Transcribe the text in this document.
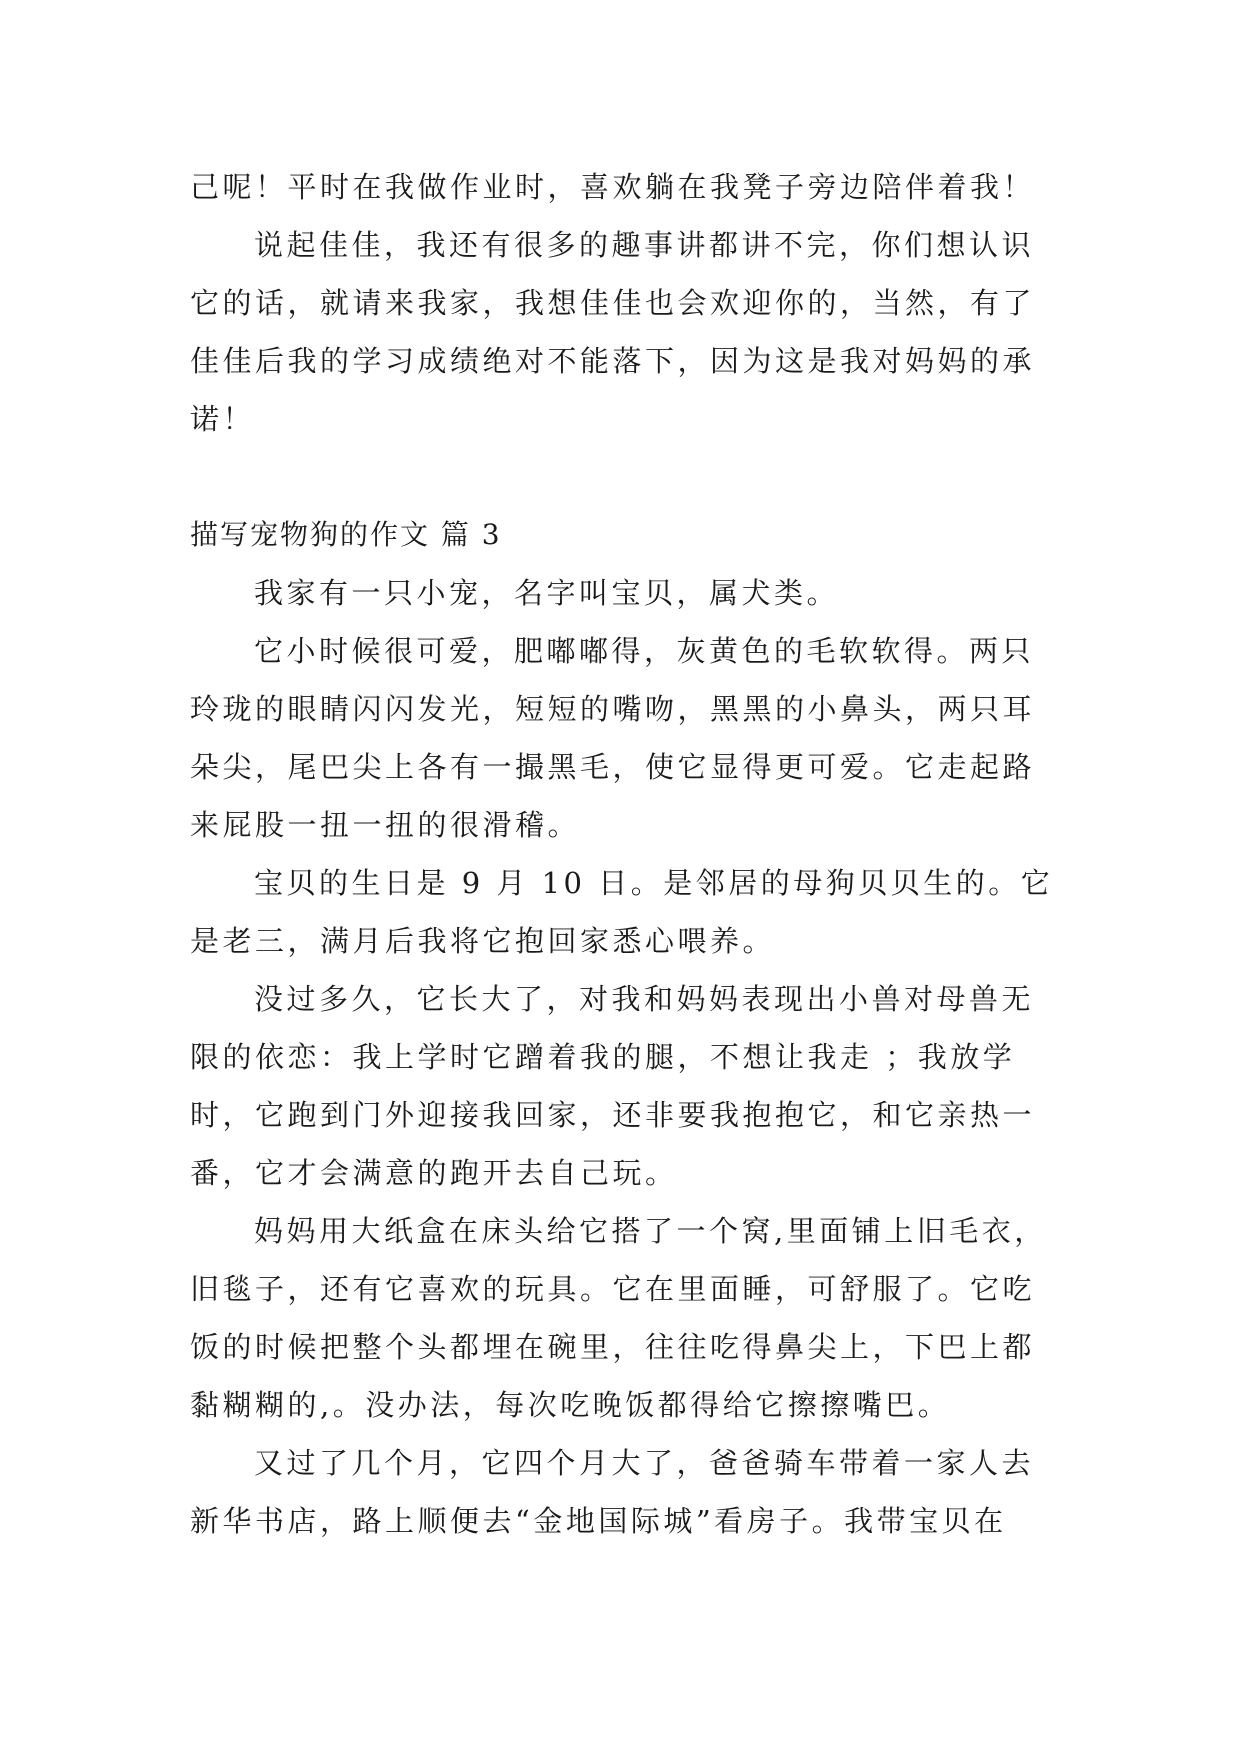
己呢！平时在我做作业时，喜欢躺在我凳子旁边陪伴着我！
说起佳佳，我还有很多的趣事讲都讲不完，你们想认识
它的话，就请来我家，我想佳佳也会欢迎你的，当然，有了
佳佳后我的学习成绩绝对不能落下，因为这是我对妈妈的承
诺！
描写宠物狗的作文 篇 3
我家有一只小宠，名字叫宝贝，属犬类。
它小时候很可爱，肥嘟嘟得，灰黄色的毛软软得。两只
玲珑的眼睛闪闪发光，短短的嘴吻，黑黑的小鼻头，两只耳
朵尖，尾巴尖上各有一撮黑毛，使它显得更可爱。它走起路
来屁股一扭一扭的很滑稽。
宝贝的生日是 9 月 10 日。是邻居的母狗贝贝生的。它
是老三，满月后我将它抱回家悉心喂养。
没过多久，它长大了，对我和妈妈表现出小兽对母兽无
限的依恋：我上学时它蹭着我的腿，不想让我走 ；我放学
时，它跑到门外迎接我回家，还非要我抱抱它，和它亲热一
番，它才会满意的跑开去自己玩。
妈妈用大纸盒在床头给它搭了一个窝,里面铺上旧毛衣，
旧毯子，还有它喜欢的玩具。它在里面睡，可舒服了。它吃
饭的时候把整个头都埋在碗里，往往吃得鼻尖上，下巴上都
黏糊糊的,。没办法，每次吃晚饭都得给它擦擦嘴巴。
又过了几个月，它四个月大了，爸爸骑车带着一家人去
新华书店，路上顺便去“金地国际城”看房子。我带宝贝在
